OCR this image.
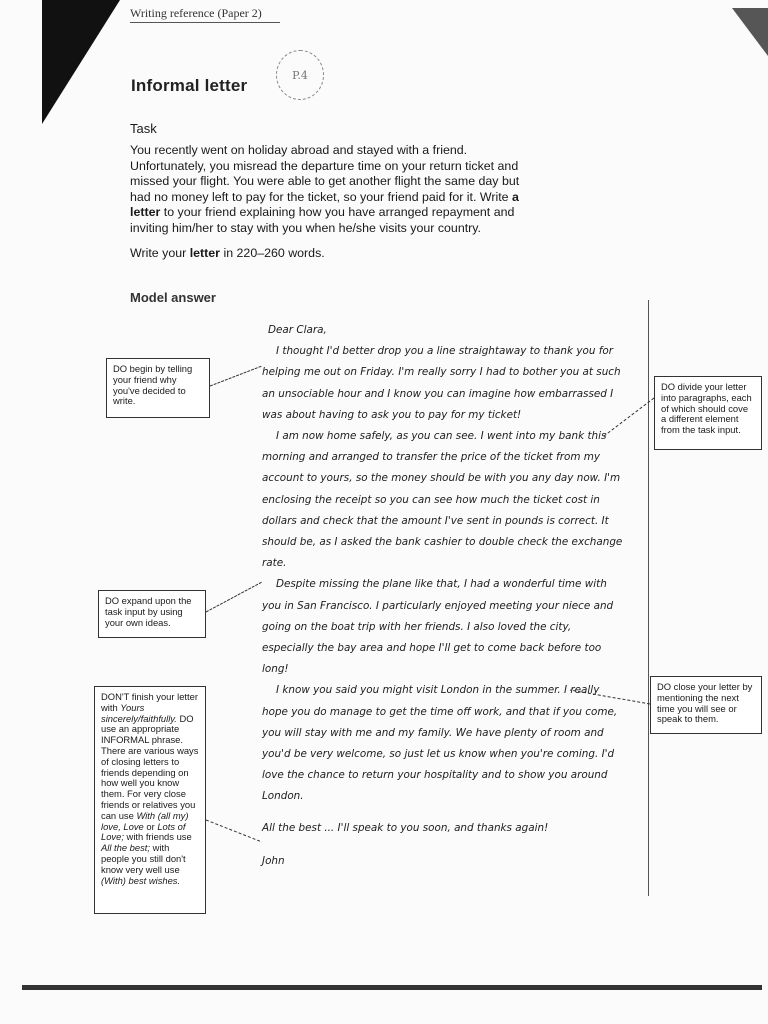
Writing reference (Paper 2)
P.4
Informal letter
Task

You recently went on holiday abroad and stayed with a friend. Unfortunately, you misread the departure time on your return ticket and missed your flight. You were able to get another flight the same day but had no money left to pay for the ticket, so your friend paid for it. Write a letter to your friend explaining how you have arranged repayment and inviting him/her to stay with you when he/she visits your country.

Write your letter in 220–260 words.
Model answer

Dear Clara,

I thought I'd better drop you a line straightaway to thank you for helping me out on Friday. I'm really sorry I had to bother you at such an unsociable hour and I know you can imagine how embarrassed I was about having to ask you to pay for my ticket!

I am now home safely, as you can see. I went into my bank this morning and arranged to transfer the price of the ticket from my account to yours, so the money should be with you any day now. I'm enclosing the receipt so you can see how much the ticket cost in dollars and check that the amount I've sent in pounds is correct. It should be, as I asked the bank cashier to double check the exchange rate.

Despite missing the plane like that, I had a wonderful time with you in San Francisco. I particularly enjoyed meeting your niece and going on the boat trip with her friends. I also loved the city, especially the bay area and hope I'll get to come back before too long!

I know you said you might visit London in the summer. I really hope you do manage to get the time off work, and that if you come, you will stay with me and my family. We have plenty of room and you'd be very welcome, so just let us know when you're coming. I'd love the chance to return your hospitality and to show you around London.

All the best ... I'll speak to you soon, and thanks again!

John

DO begin by telling your friend why you've decided to write.
DO expand upon the task input by using your own ideas.
DON'T finish your letter with Yours sincerely/faithfully. DO use an appropriate INFORMAL phrase. There are various ways of closing letters to friends depending on how well you know them. For very close friends or relatives you can use With (all my) love, Love or Lots of Love; with friends use All the best; with people you still don't know very well use (With) best wishes.
DO divide your letter into paragraphs, each of which should cove a different element from the task input.
DO close your letter by mentioning the next time you will see or speak to them.
